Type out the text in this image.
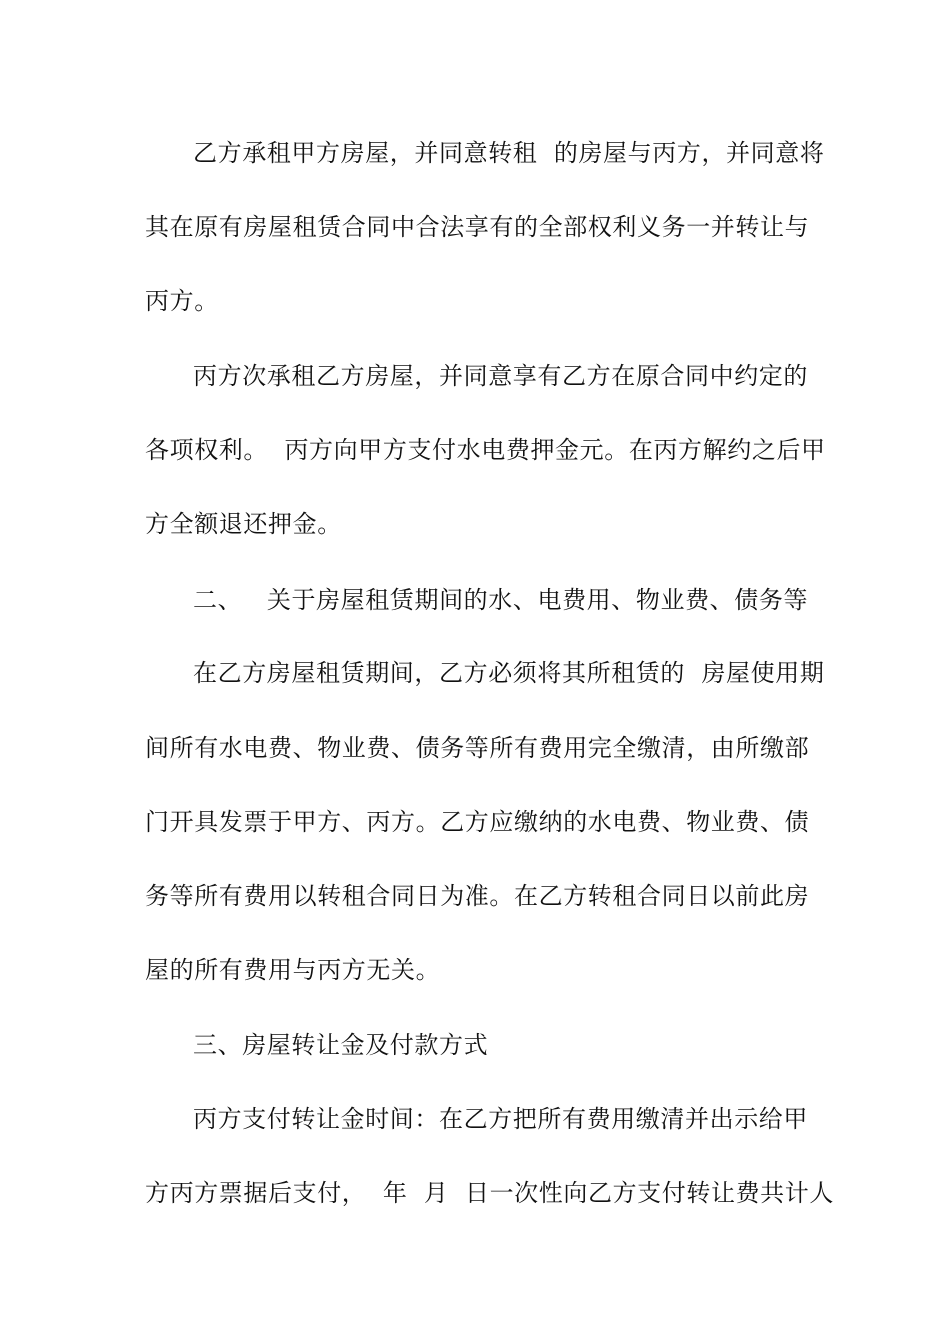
乙方承租甲方房屋，并同意转租  的房屋与丙方，并同意将
其在原有房屋租赁合同中合法享有的全部权利义务一并转让与
丙方。
丙方次承租乙方房屋，并同意享有乙方在原合同中约定的
各项权利。  丙方向甲方支付水电费押金元。在丙方解约之后甲
方全额退还押金。
二、   关于房屋租赁期间的水、电费用、物业费、债务等
在乙方房屋租赁期间，乙方必须将其所租赁的  房屋使用期
间所有水电费、物业费、债务等所有费用完全缴清，由所缴部
门开具发票于甲方、丙方。乙方应缴纳的水电费、物业费、债
务等所有费用以转租合同日为准。在乙方转租合同日以前此房
屋的所有费用与丙方无关。
三、房屋转让金及付款方式
丙方支付转让金时间：在乙方把所有费用缴清并出示给甲
方丙方票据后支付，  年  月  日一次性向乙方支付转让费共计人
